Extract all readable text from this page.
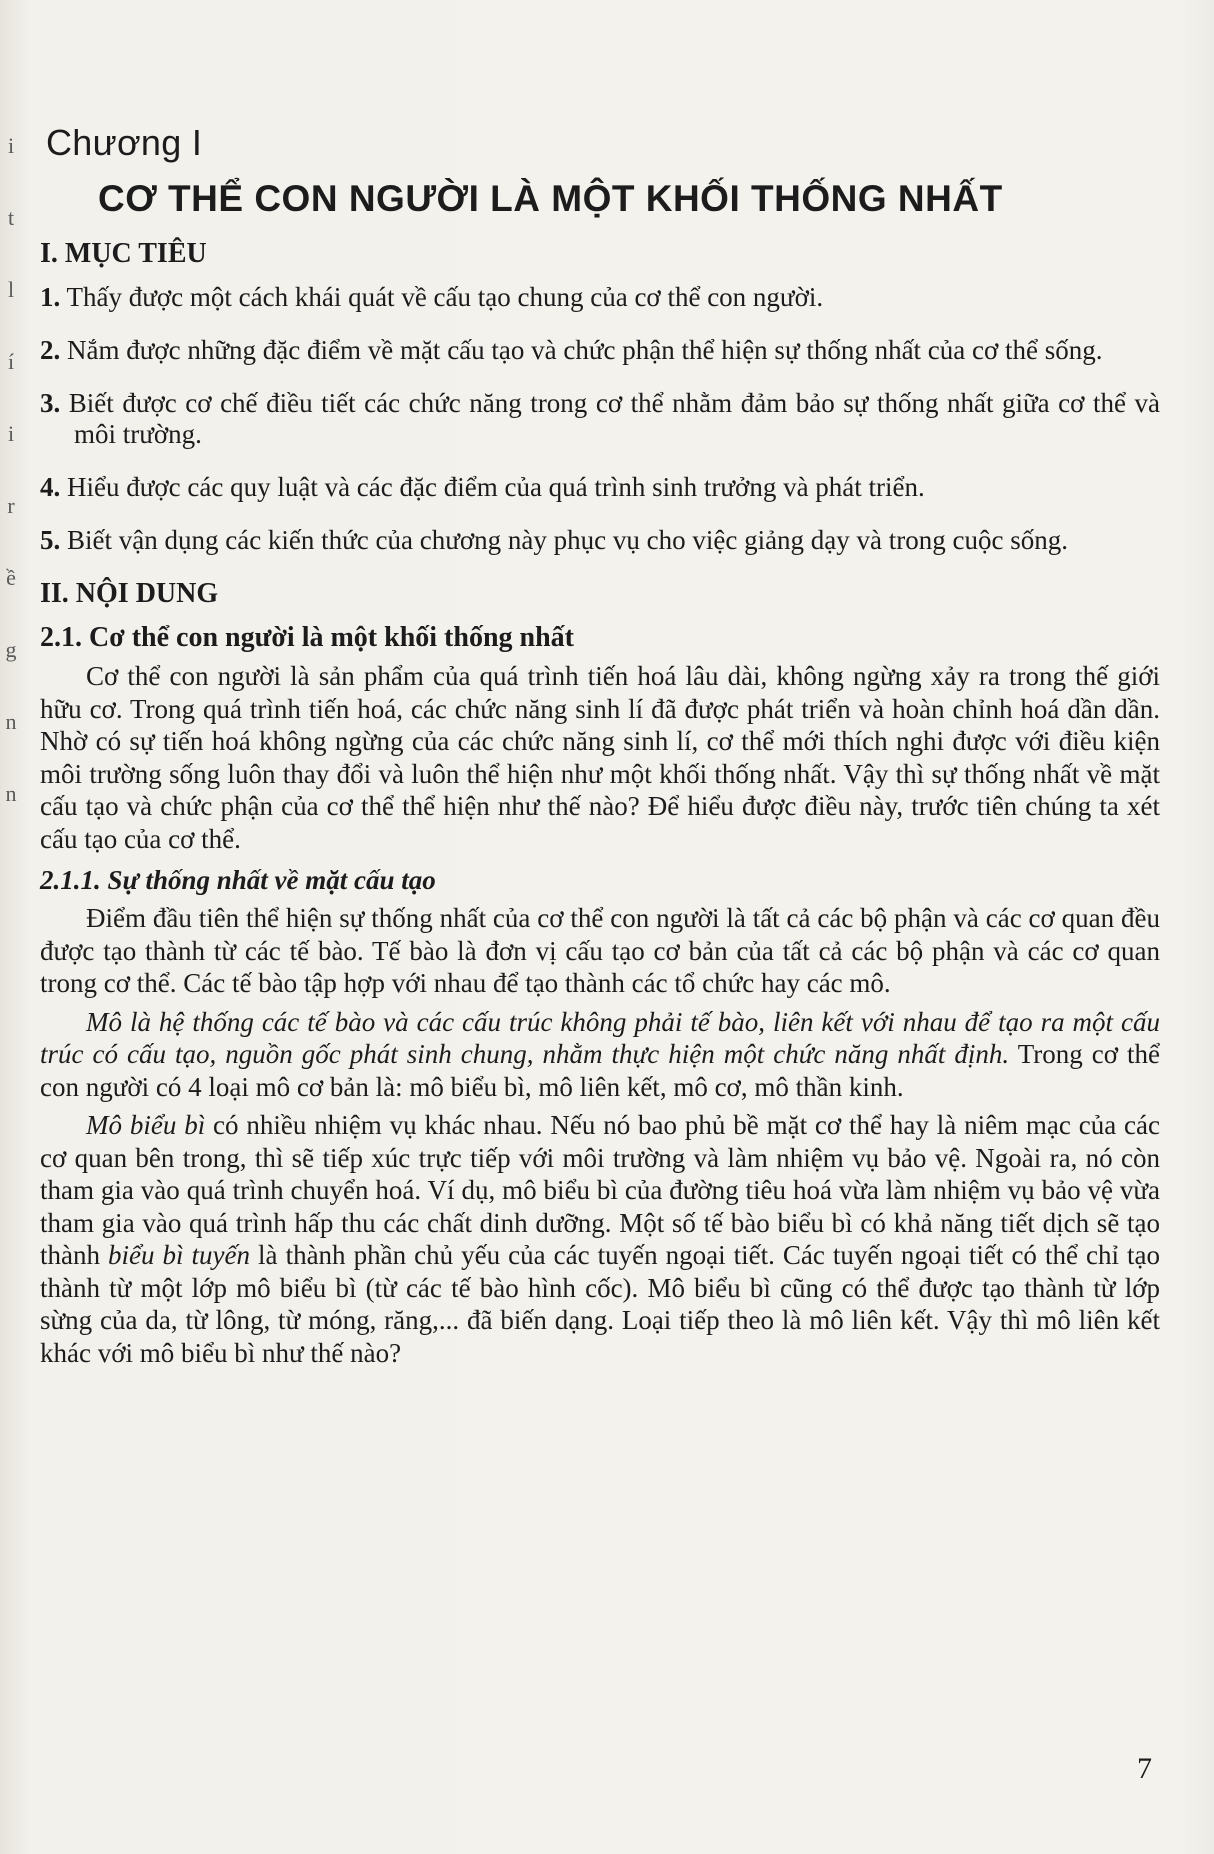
i
t
l
í
i
r
ề
g
n
n
Chương I
CƠ THỂ CON NGƯỜI LÀ MỘT KHỐI THỐNG NHẤT
I. MỤC TIÊU
1. Thấy được một cách khái quát về cấu tạo chung của cơ thể con người.
2. Nắm được những đặc điểm về mặt cấu tạo và chức phận thể hiện sự thống nhất của cơ thể sống.
3. Biết được cơ chế điều tiết các chức năng trong cơ thể nhằm đảm bảo sự thống nhất giữa cơ thể và môi trường.
4. Hiểu được các quy luật và các đặc điểm của quá trình sinh trưởng và phát triển.
5. Biết vận dụng các kiến thức của chương này phục vụ cho việc giảng dạy và trong cuộc sống.
II. NỘI DUNG
2.1. Cơ thể con người là một khối thống nhất

Cơ thể con người là sản phẩm của quá trình tiến hoá lâu dài, không ngừng xảy ra trong thế giới hữu cơ. Trong quá trình tiến hoá, các chức năng sinh lí đã được phát triển và hoàn chỉnh hoá dần dần. Nhờ có sự tiến hoá không ngừng của các chức năng sinh lí, cơ thể mới thích nghi được với điều kiện môi trường sống luôn thay đổi và luôn thể hiện như một khối thống nhất. Vậy thì sự thống nhất về mặt cấu tạo và chức phận của cơ thể thể hiện như thế nào? Để hiểu được điều này, trước tiên chúng ta xét cấu tạo của cơ thể.

2.1.1. Sự thống nhất về mặt cấu tạo

Điểm đầu tiên thể hiện sự thống nhất của cơ thể con người là tất cả các bộ phận và các cơ quan đều được tạo thành từ các tế bào. Tế bào là đơn vị cấu tạo cơ bản của tất cả các bộ phận và các cơ quan trong cơ thể. Các tế bào tập hợp với nhau để tạo thành các tổ chức hay các mô.

Mô là hệ thống các tế bào và các cấu trúc không phải tế bào, liên kết với nhau để tạo ra một cấu trúc có cấu tạo, nguồn gốc phát sinh chung, nhằm thực hiện một chức năng nhất định. Trong cơ thể con người có 4 loại mô cơ bản là: mô biểu bì, mô liên kết, mô cơ, mô thần kinh.

Mô biểu bì có nhiều nhiệm vụ khác nhau. Nếu nó bao phủ bề mặt cơ thể hay là niêm mạc của các cơ quan bên trong, thì sẽ tiếp xúc trực tiếp với môi trường và làm nhiệm vụ bảo vệ. Ngoài ra, nó còn tham gia vào quá trình chuyển hoá. Ví dụ, mô biểu bì của đường tiêu hoá vừa làm nhiệm vụ bảo vệ vừa tham gia vào quá trình hấp thu các chất dinh dưỡng. Một số tế bào biểu bì có khả năng tiết dịch sẽ tạo thành biểu bì tuyến là thành phần chủ yếu của các tuyến ngoại tiết. Các tuyến ngoại tiết có thể chỉ tạo thành từ một lớp mô biểu bì (từ các tế bào hình cốc). Mô biểu bì cũng có thể được tạo thành từ lớp sừng của da, từ lông, từ móng, răng,... đã biến dạng. Loại tiếp theo là mô liên kết. Vậy thì mô liên kết khác với mô biểu bì như thế nào?

7
